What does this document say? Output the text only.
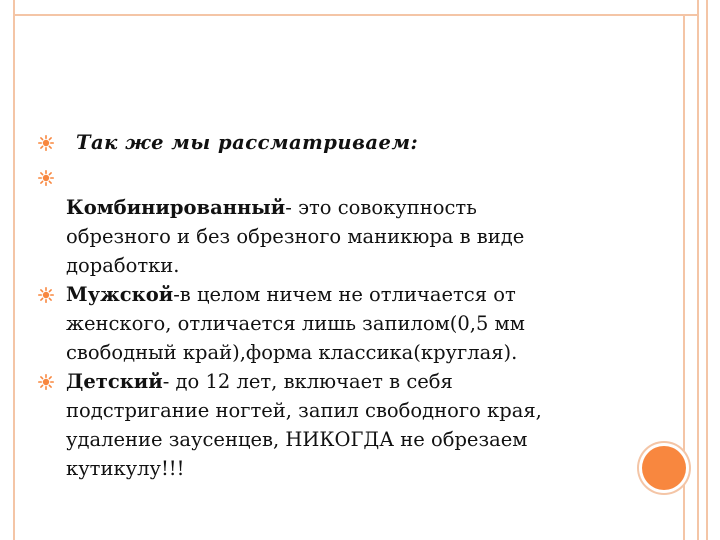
Так же мы рассматриваем:
Комбинированный- это совокупность
обрезного и без обрезного маникюра в виде
доработки.
Мужской-в целом ничем не отличается от
женского, отличается лишь запилом(0,5 мм
свободный край),форма классика(круглая).
Детский- до 12 лет, включает в себя
подстригание ногтей, запил свободного края,
удаление заусенцев, НИКОГДА не обрезаем
кутикулу!!!
